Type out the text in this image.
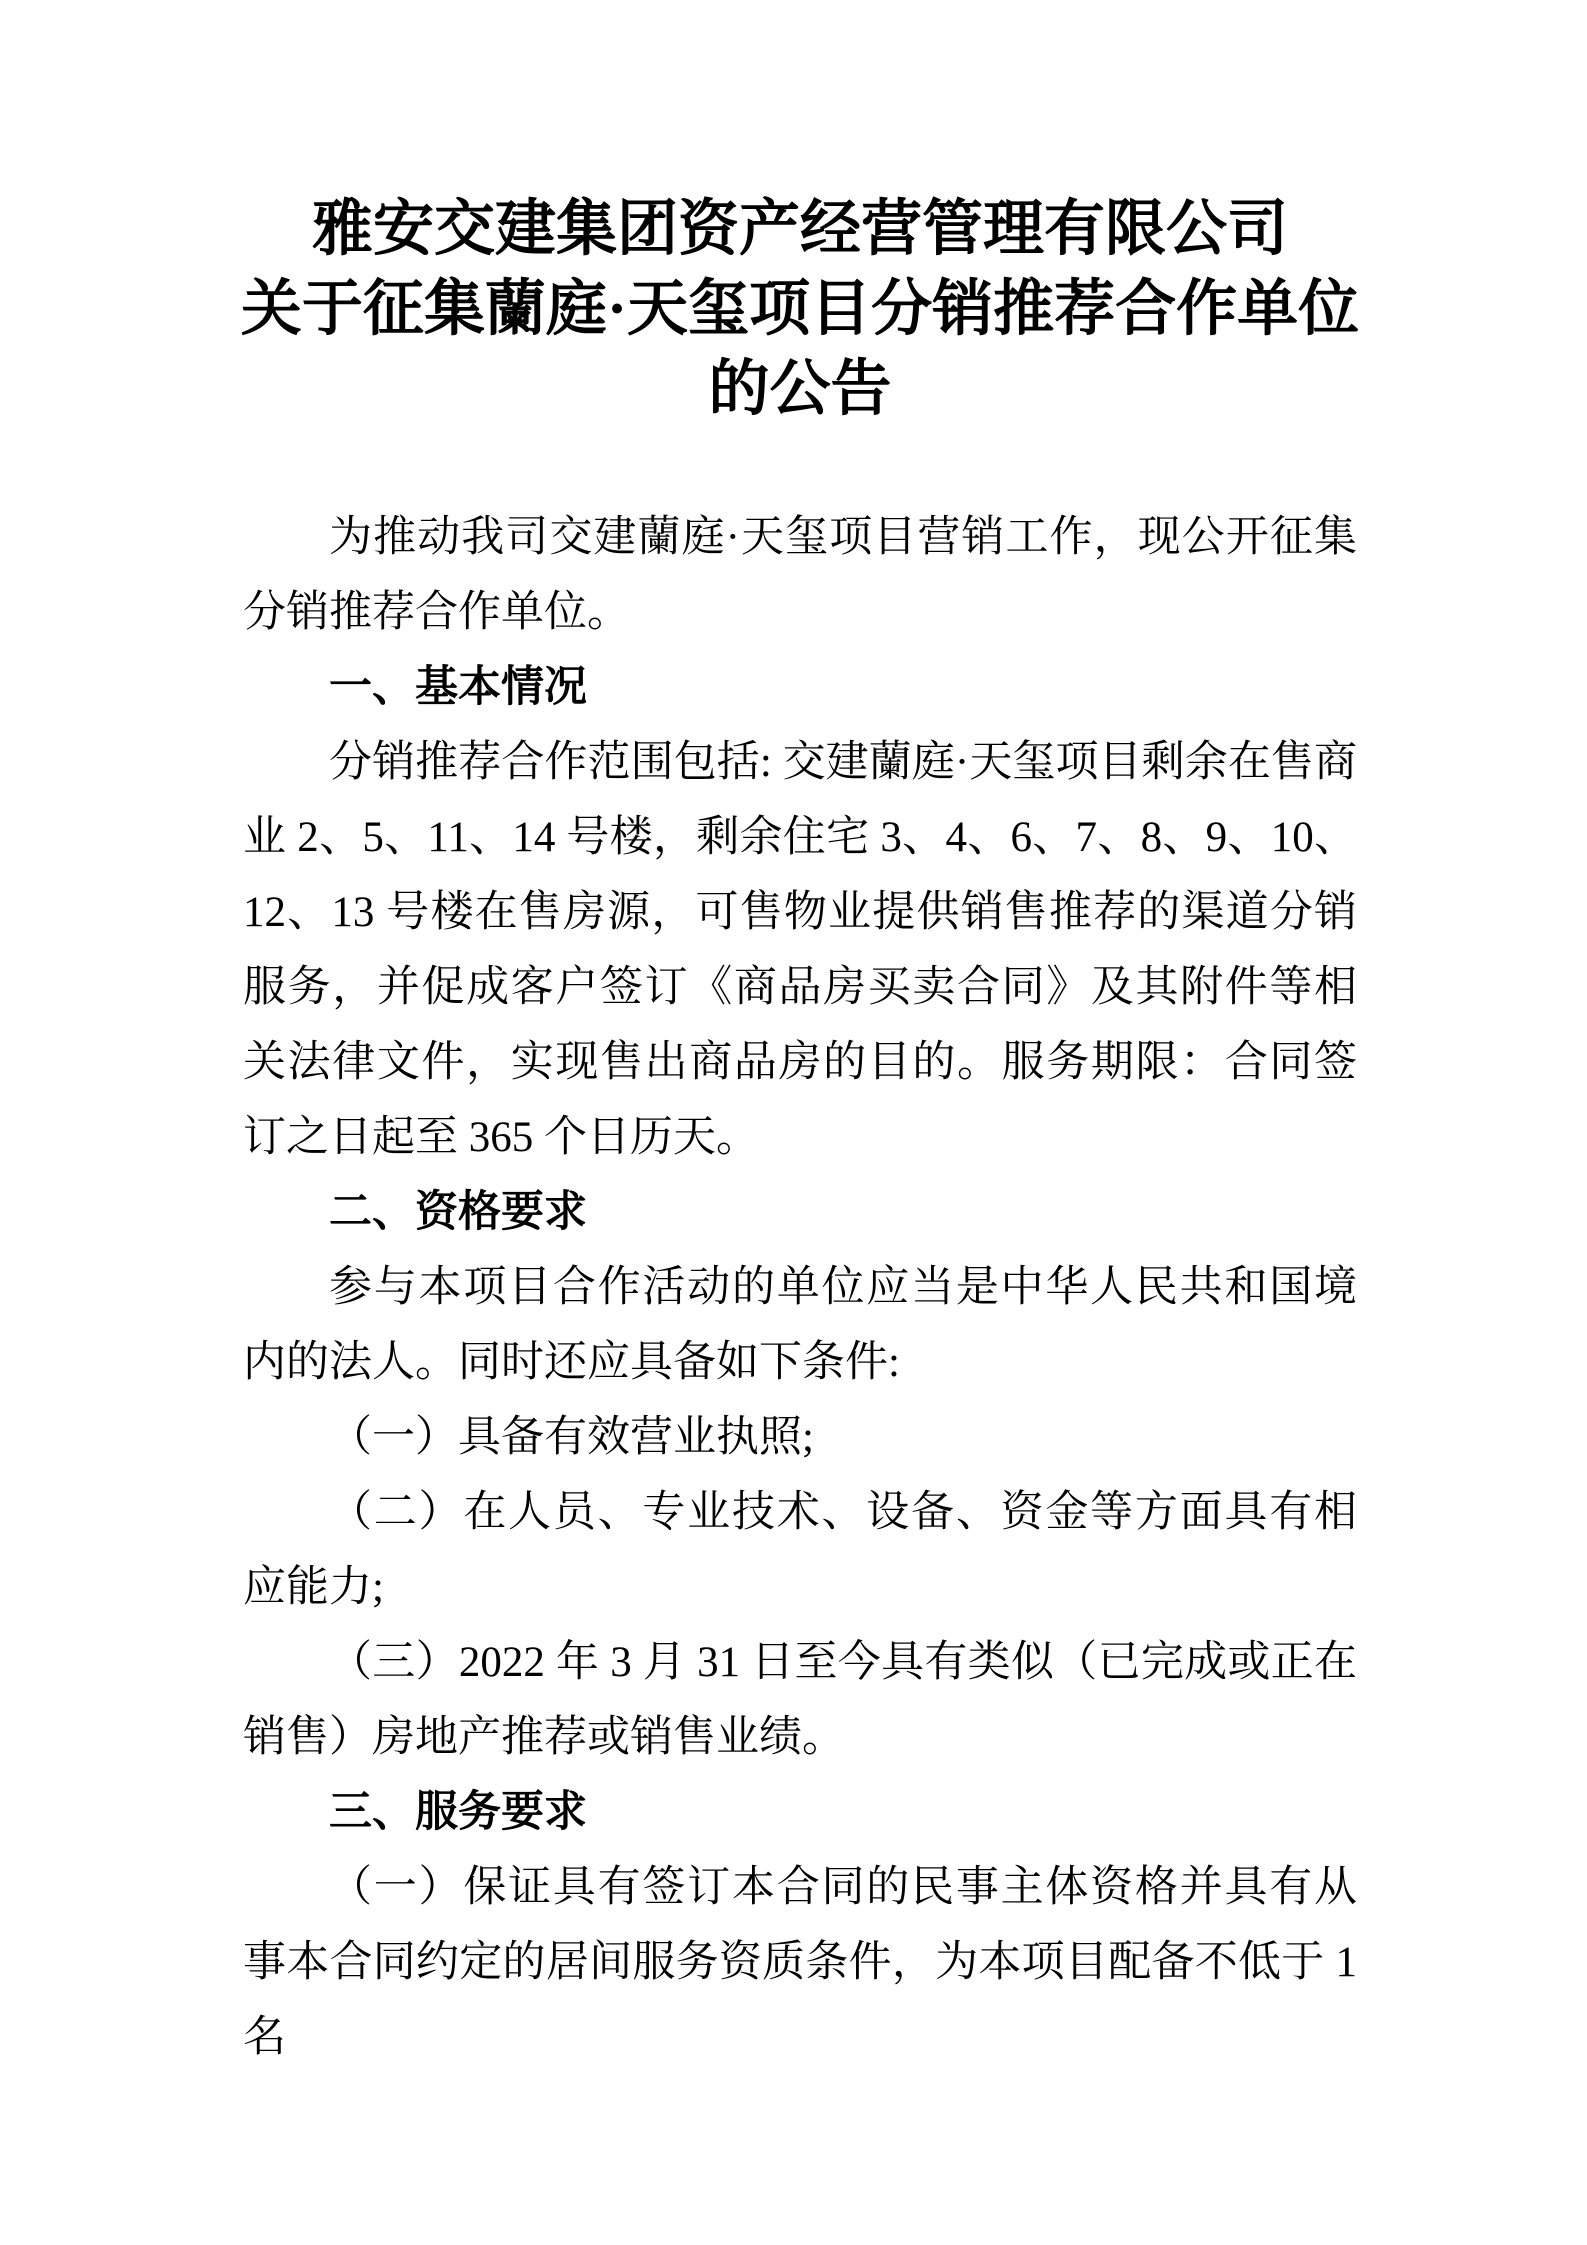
雅安交建集团资产经营管理有限公司
关于征集蘭庭·天玺项目分销推荐合作单位
的公告

为推动我司交建蘭庭·天玺项目营销工作，现公开征集分销推荐合作单位。

一、基本情况

分销推荐合作范围包括: 交建蘭庭·天玺项目剩余在售商业 2、5、11、14 号楼，剩余住宅 3、4、6、7、8、9、10、12、13 号楼在售房源，可售物业提供销售推荐的渠道分销服务，并促成客户签订《商品房买卖合同》及其附件等相关法律文件，实现售出商品房的目的。服务期限：合同签订之日起至 365 个日历天。

二、资格要求

参与本项目合作活动的单位应当是中华人民共和国境内的法人。同时还应具备如下条件:

（一）具备有效营业执照;

（二）在人员、专业技术、设备、资金等方面具有相应能力;

（三）2022 年 3 月 31 日至今具有类似（已完成或正在销售）房地产推荐或销售业绩。

三、服务要求

（一）保证具有签订本合同的民事主体资格并具有从事本合同约定的居间服务资质条件，为本项目配备不低于 1 名
